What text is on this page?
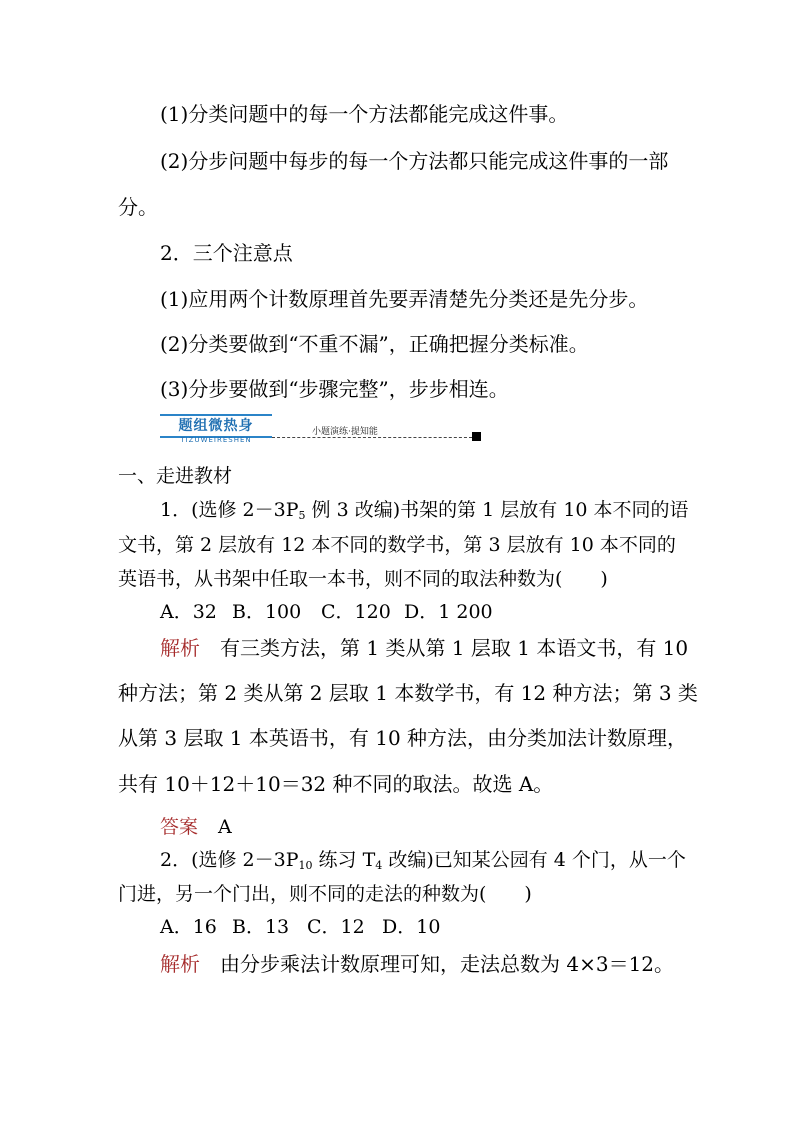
(1)分类问题中的每一个方法都能完成这件事。
(2)分步问题中每步的每一个方法都只能完成这件事的一部
分。
2．三个注意点
(1)应用两个计数原理首先要弄清楚先分类还是先分步。
(2)分类要做到“不重不漏”，正确把握分类标准。
(3)分步要做到“步骤完整”，步步相连。
题组微热身
TIZUWEIRESHEN
小题演练·提知能
一、走进教材
1．(选修 $2-3P_5$ 例 3 改编)书架的第 1 层放有 10 本不同的语
文书，第 2 层放有 12 本不同的数学书，第 3 层放有 10 本不同的
英语书，从书架中任取一本书，则不同的取法种数为(　　)
A．32 B．100 C．120 D．1 200
解析 有三类方法，第 1 类从第 1 层取 1 本语文书，有 10
种方法；第 2 类从第 2 层取 1 本数学书，有 12 种方法；第 3 类
从第 3 层取 1 本英语书，有 10 种方法，由分类加法计数原理，
共有 10＋12＋10＝32 种不同的取法。故选 A。
答案 A
2．(选修 $2-3P_{10}$ 练习 $T_4$ 改编)已知某公园有 4 个门，从一个
门进，另一个门出，则不同的走法的种数为(　　)
A．16 B．13 C．12 D．10
解析 由分步乘法计数原理可知，走法总数为 4×3＝12。
